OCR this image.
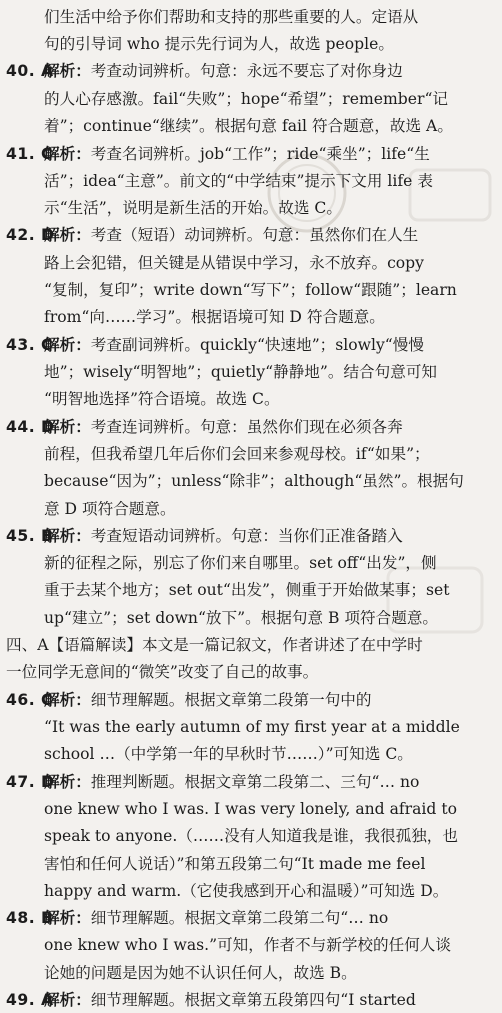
们生活中给予你们帮助和支持的那些重要的人。定语从
句的引导词 who 提示先行词为人，故选 people。
40. A
解析：考查动词辨析。句意：永远不要忘了对你身边
的人心存感激。fail“失败”；hope“希望”；remember“记
着”；continue“继续”。根据句意 fail 符合题意，故选 A。
41. C
解析：考查名词辨析。job“工作”；ride“乘坐”；life“生
活”；idea“主意”。前文的“中学结束”提示下文用 life 表
示“生活”，说明是新生活的开始。故选 C。
42. D
解析：考查（短语）动词辨析。句意：虽然你们在人生
路上会犯错，但关键是从错误中学习，永不放弃。copy
“复制，复印”；write down“写下”；follow“跟随”；learn
from“向……学习”。根据语境可知 D 符合题意。
43. C
解析：考查副词辨析。quickly“快速地”；slowly“慢慢
地”；wisely“明智地”；quietly“静静地”。结合句意可知
“明智地选择”符合语境。故选 C。
44. D
解析：考查连词辨析。句意：虽然你们现在必须各奔
前程，但我希望几年后你们会回来参观母校。if“如果”；
because“因为”；unless“除非”；although“虽然”。根据句
意 D 项符合题意。
45. B
解析：考查短语动词辨析。句意：当你们正准备踏入
新的征程之际，别忘了你们来自哪里。set off“出发”，侧
重于去某个地方；set out“出发”，侧重于开始做某事；set
up“建立”；set down“放下”。根据句意 B 项符合题意。
四、A【语篇解读】本文是一篇记叙文，作者讲述了在中学时
一位同学无意间的“微笑”改变了自己的故事。
46. C
解析：细节理解题。根据文章第二段第一句中的
“It was the early autumn of my first year at a middle
school …（中学第一年的早秋时节……）”可知选 C。
47. D
解析：推理判断题。根据文章第二段第二、三句“… no
one knew who I was. I was very lonely, and afraid to
speak to anyone.（……没有人知道我是谁，我很孤独，也
害怕和任何人说话）”和第五段第二句“It made me feel
happy and warm.（它使我感到开心和温暖）”可知选 D。
48. B
解析：细节理解题。根据文章第二段第二句“… no
one knew who I was.”可知，作者不与新学校的任何人谈
论她的问题是因为她不认识任何人，故选 B。
49. A
解析：细节理解题。根据文章第五段第四句“I started
